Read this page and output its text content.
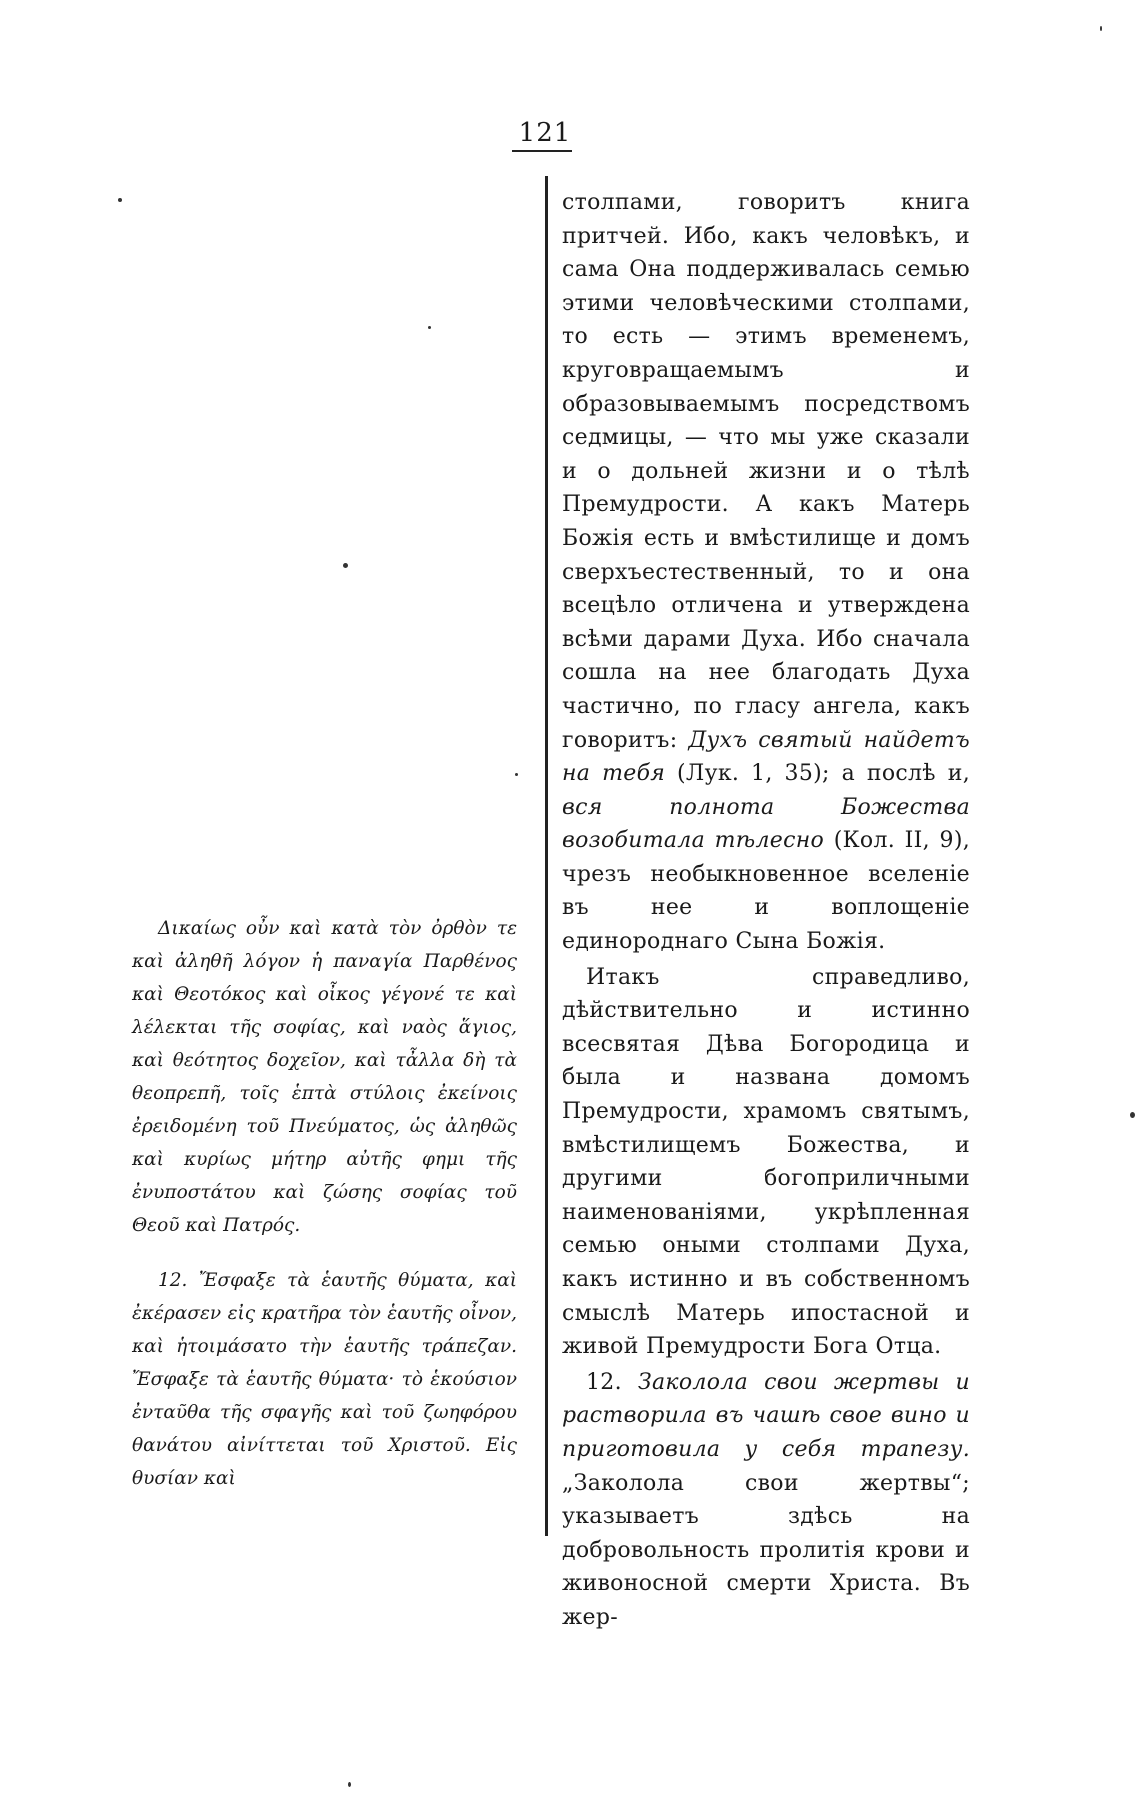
121

Δικαίως οὖν καὶ κατὰ τὸν ὀρθὸν τε καὶ ἀληθῆ λόγον ἡ παναγία Παρθένος καὶ Θεοτόκος καὶ οἶκος γέγονέ τε καὶ λέλεκται τῆς σοφίας, καὶ ναὸς ἅγιος, καὶ θεότητος δοχεῖον, καὶ τἆλλα δὴ τὰ θεοπρεπῆ, τοῖς ἑπτὰ στύλοις ἐκείνοις ἐρειδομένη τοῦ Πνεύματος, ὡς ἀληθῶς καὶ κυρίως μήτηρ αὐτῆς φημι τῆς ἐνυποστάτου καὶ ζώσης σοφίας τοῦ Θεοῦ καὶ Πατρός.

12. Ἔσφαξε τὰ ἑαυτῆς θύματα, καὶ ἐκέρασεν εἰς κρατῆρα τὸν ἑαυτῆς οἶνον, καὶ ἡτοιμάσατο τὴν ἑαυτῆς τράπεζαν. Ἔσφαξε τὰ ἑαυτῆς θύματα· τὸ ἑκούσιον ἐνταῦθα τῆς σφαγῆς καὶ τοῦ ζωηφόρου θανάτου αἰνίττεται τοῦ Χριστοῦ. Εἰς θυσίαν καὶ

столпами, говоритъ книга притчей. Ибо, какъ человѣкъ, и сама Она поддерживалась семью этими человѣческими столпами, то есть — этимъ временемъ, круговращаемымъ и образовываемымъ посредствомъ седмицы, — что мы уже сказали и о дольней жизни и о тѣлѣ Премудрости. А какъ Матерь Божія есть и вмѣстилище и домъ сверхъестественный, то и она всецѣло отличена и утверждена всѣми дарами Духа. Ибо сначала сошла на нее благодать Духа частично, по гласу ангела, какъ говоритъ: Духъ святый найдетъ на тебя (Лук. 1, 35); а послѣ и, вся полнота Божества возобитала тѣлесно (Кол. II, 9), чрезъ необыкновенное вселеніе въ нее и воплощеніе единороднаго Сына Божія.

Итакъ справедливо, дѣйствительно и истинно всесвятая Дѣва Богородица и была и названа домомъ Премудрости, храмомъ святымъ, вмѣстилищемъ Божества, и другими богоприличными наименованіями, укрѣпленная семью оными столпами Духа, какъ истинно и въ собственномъ смыслѣ Матерь ипостасной и живой Премудрости Бога Отца.

12. Заколола свои жертвы и растворила въ чашѣ свое вино и приготовила у себя трапезу. „Заколола свои жертвы“; указываетъ здѣсь на добровольность пролитія крови и живоносной смерти Христа. Въ жер-
